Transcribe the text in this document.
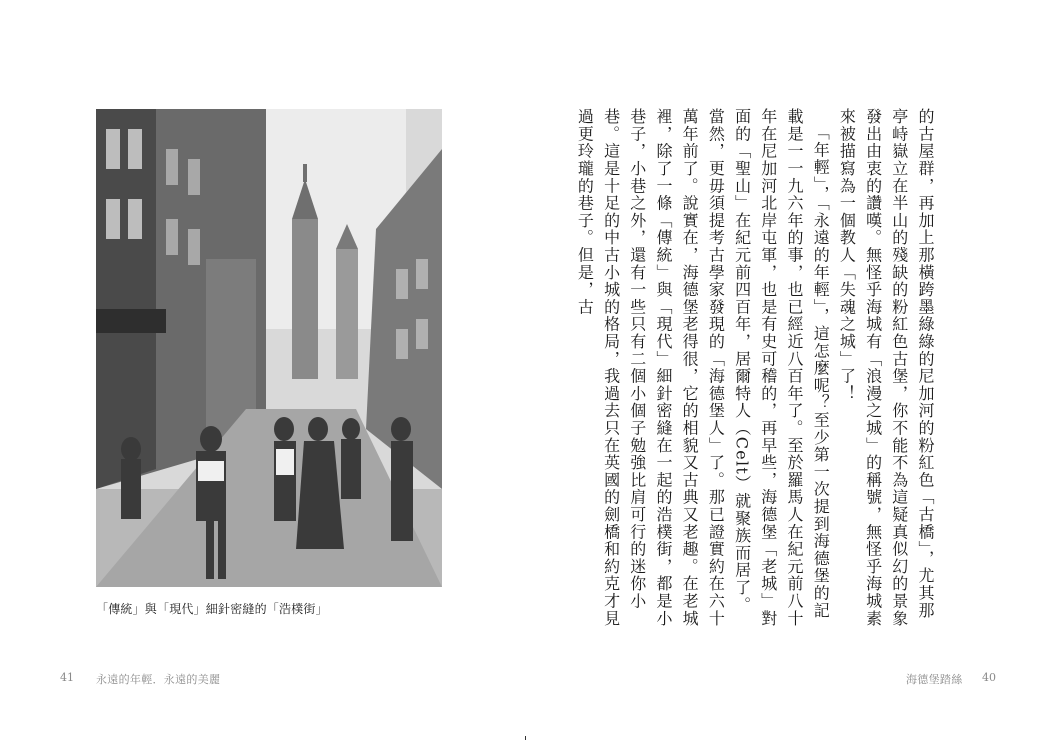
「傳統」與「現代」細針密縫的「浩樸街」
41 永遠的年輕．永遠的美麗	海德堡踏絲 40

的古屋群，再加上那橫跨墨綠綠的尼加河的粉紅色「古橋」，尤其那亭峙嶽立在半山的殘缺的粉紅色古堡，你不能不為這疑真似幻的景象發出由衷的讚嘆。無怪乎海城有「浪漫之城」的稱號，無怪乎海城素來被描寫為一個教人「失魂之城」了！

「年輕」，「永遠的年輕」，這怎麼呢？至少第一次提到海德堡的記載是一一九六年的事，也已經近八百年了。至於羅馬人在紀元前八十年在尼加河北岸屯軍，也是有史可稽的，再早些，海德堡「老城」對面的「聖山」在紀元前四百年，居爾特人（Celt）就聚族而居了。當然，更毋須提考古學家發現的「海德堡人」了。那已證實約在六十萬年前了。說實在，海德堡老得很，它的相貌又古典又老趣。在老城裡，除了一條「傳統」與「現代」細針密縫在一起的浩樸街，都是小巷子，小巷之外，還有一些只有二個小個子勉強比肩可行的迷你小巷。這是十足的中古小城的格局，我過去只在英國的劍橋和約克才見過更玲瓏的巷子。但是，古
